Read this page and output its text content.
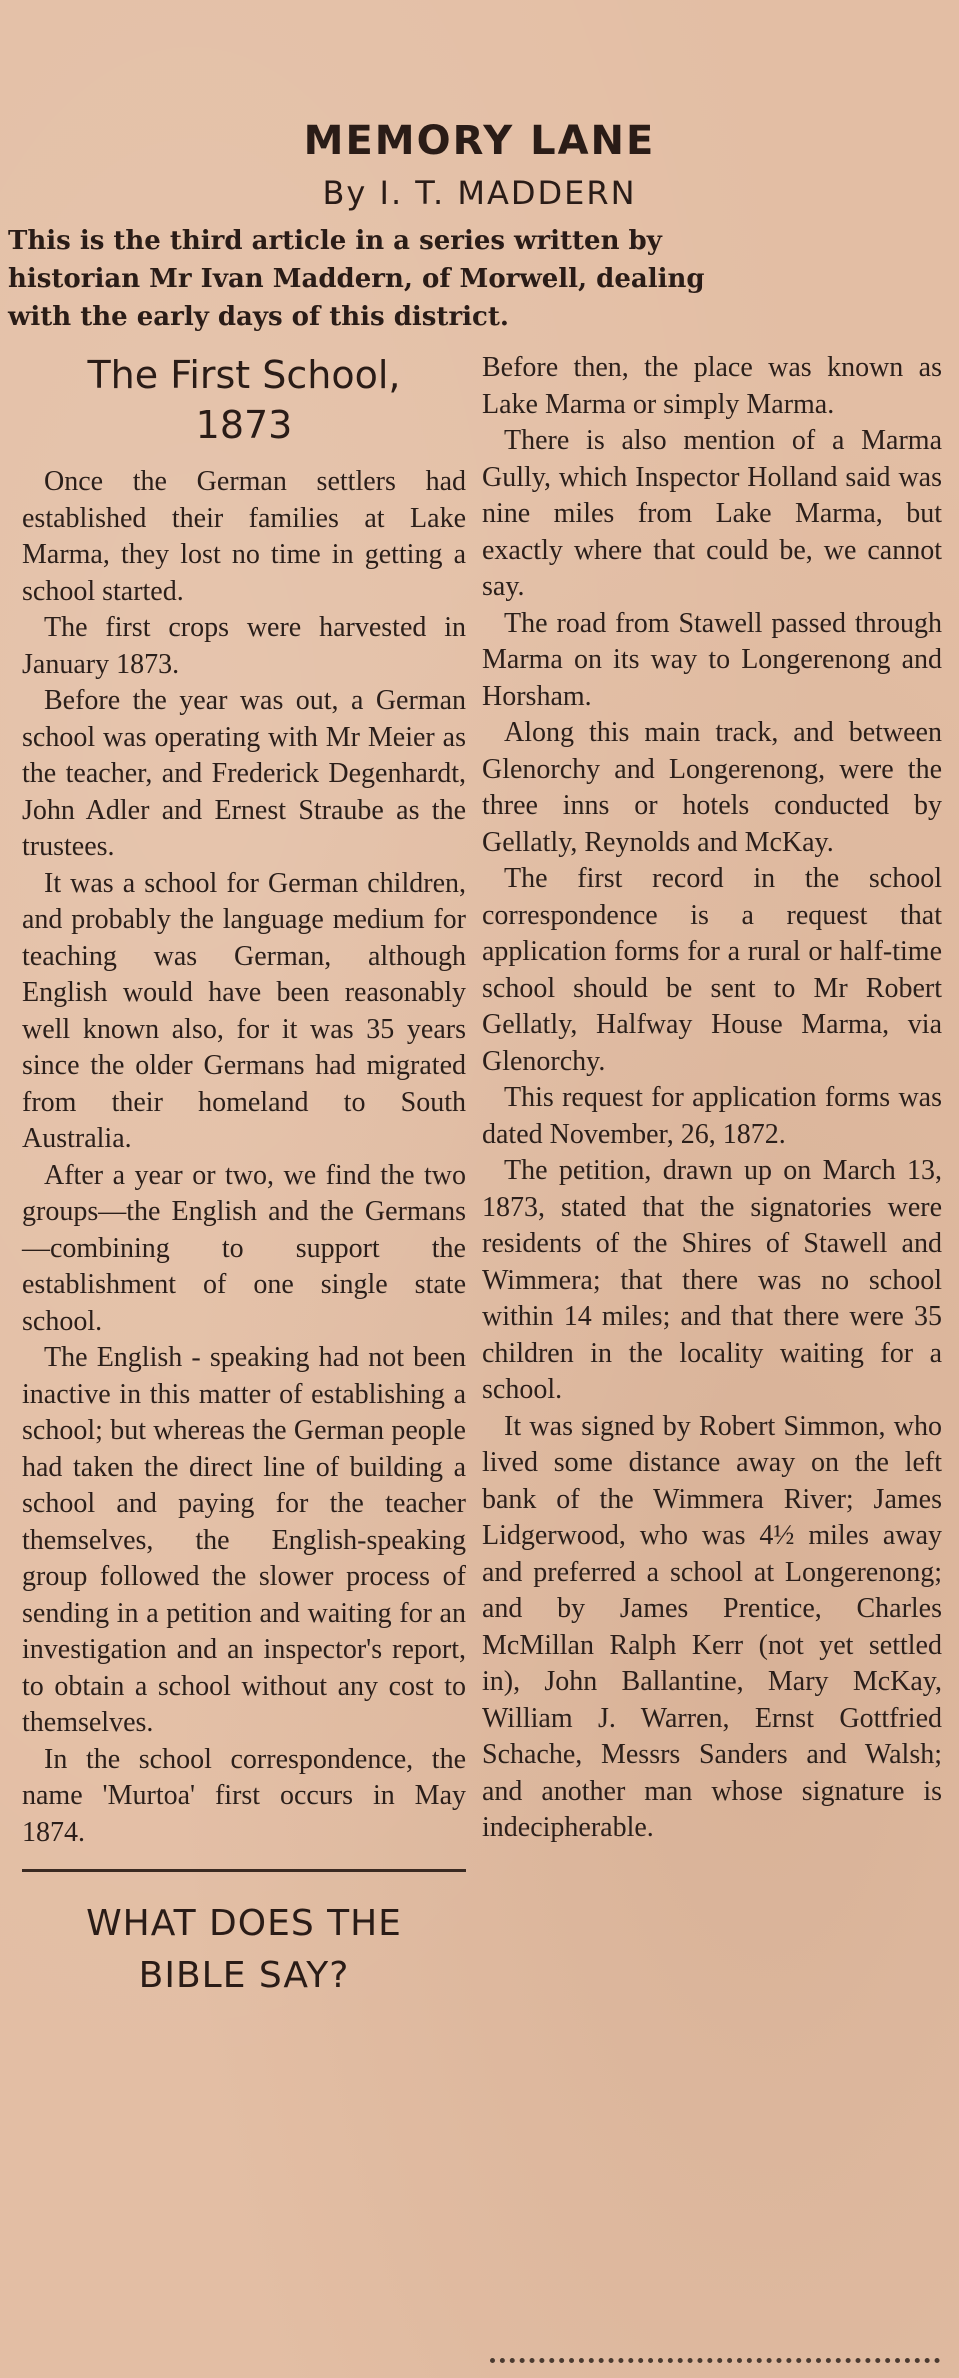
MEMORY LANE
By I. T. MADDERN
This is the third article in a series written by
historian Mr Ivan Maddern, of Morwell, dealing
with the early days of this district.
The First School,
1873

Once the German settlers had established their families at Lake Marma, they lost no time in getting a school started.

The first crops were harvested in January 1873.

Before the year was out, a German school was operating with Mr Meier as the teacher, and Frederick Degenhardt, John Adler and Ernest Straube as the trustees.

It was a school for German children, and probably the language medium for teaching was German, although English would have been reasonably well known also, for it was 35 years since the older Germans had migrated from their homeland to South Australia.

After a year or two, we find the two groups—the English and the Germans —combining to support the establishment of one single state school.

The English - speaking had not been inactive in this matter of establishing a school; but whereas the German people had taken the direct line of building a school and paying for the teacher themselves, the English-speaking group followed the slower process of sending in a petition and waiting for an investigation and an inspector's report, to obtain a school without any cost to themselves.

In the school correspondence, the name 'Murtoa' first occurs in May 1874.

WHAT DOES THE
BIBLE SAY?

Before then, the place was known as Lake Marma or simply Marma.

There is also mention of a Marma Gully, which Inspector Holland said was nine miles from Lake Marma, but exactly where that could be, we cannot say.

The road from Stawell passed through Marma on its way to Longerenong and Horsham.

Along this main track, and between Glenorchy and Longerenong, were the three inns or hotels conducted by Gellatly, Reynolds and McKay.

The first record in the school correspondence is a request that application forms for a rural or half-time school should be sent to Mr Robert Gellatly, Halfway House Marma, via Glenorchy.

This request for application forms was dated November, 26, 1872.

The petition, drawn up on March 13, 1873, stated that the signatories were residents of the Shires of Stawell and Wimmera; that there was no school within 14 miles; and that there were 35 children in the locality waiting for a school.

It was signed by Robert Simmon, who lived some distance away on the left bank of the Wimmera River; James Lidgerwood, who was 4½ miles away and preferred a school at Longerenong; and by James Prentice, Charles McMillan Ralph Kerr (not yet settled in), John Ballantine, Mary McKay, William J. Warren, Ernst Gottfried Schache, Messrs Sanders and Walsh; and another man whose signature is indecipherable.
